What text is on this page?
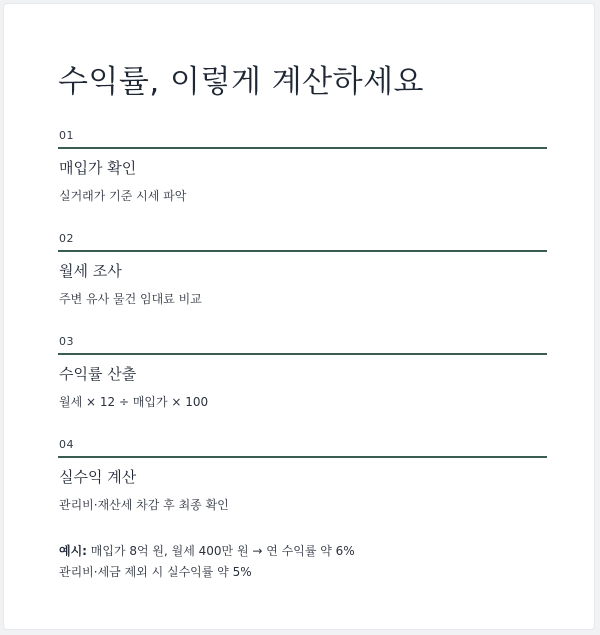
수익률, 이렇게 계산하세요
01
매입가 확인
실거래가 기준 시세 파악
02
월세 조사
주변 유사 물건 임대료 비교
03
수익률 산출
월세 × 12 ÷ 매입가 × 100
04
실수익 계산
관리비·재산세 차감 후 최종 확인
예시: 매입가 8억 원, 월세 400만 원 → 연 수익률 약 6%
관리비·세금 제외 시 실수익률 약 5%
